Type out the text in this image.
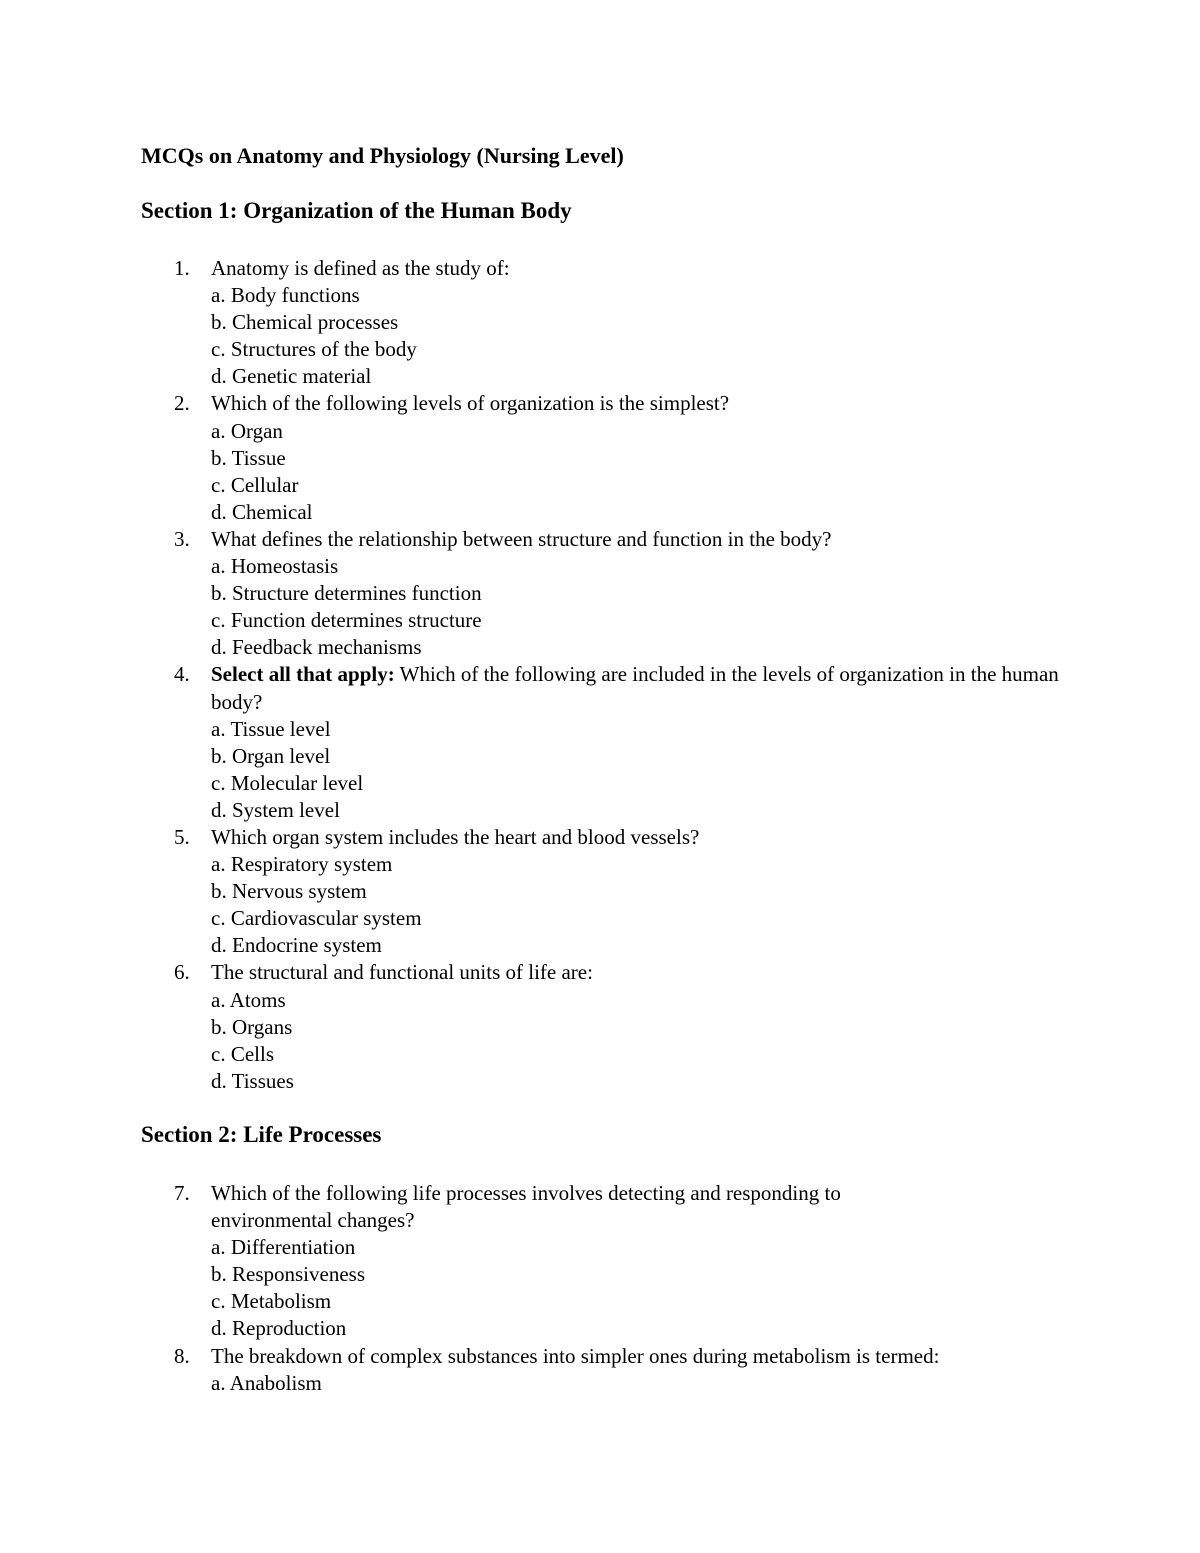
MCQs on Anatomy and Physiology (Nursing Level)
Section 1: Organization of the Human Body
1. Anatomy is defined as the study of:
a. Body functions
b. Chemical processes
c. Structures of the body
d. Genetic material
2. Which of the following levels of organization is the simplest?
a. Organ
b. Tissue
c. Cellular
d. Chemical
3. What defines the relationship between structure and function in the body?
a. Homeostasis
b. Structure determines function
c. Function determines structure
d. Feedback mechanisms
4. Select all that apply: Which of the following are included in the levels of organization in the human body?
a. Tissue level
b. Organ level
c. Molecular level
d. System level
5. Which organ system includes the heart and blood vessels?
a. Respiratory system
b. Nervous system
c. Cardiovascular system
d. Endocrine system
6. The structural and functional units of life are:
a. Atoms
b. Organs
c. Cells
d. Tissues
Section 2: Life Processes
7. Which of the following life processes involves detecting and responding to environmental changes?
a. Differentiation
b. Responsiveness
c. Metabolism
d. Reproduction
8. The breakdown of complex substances into simpler ones during metabolism is termed:
a. Anabolism
